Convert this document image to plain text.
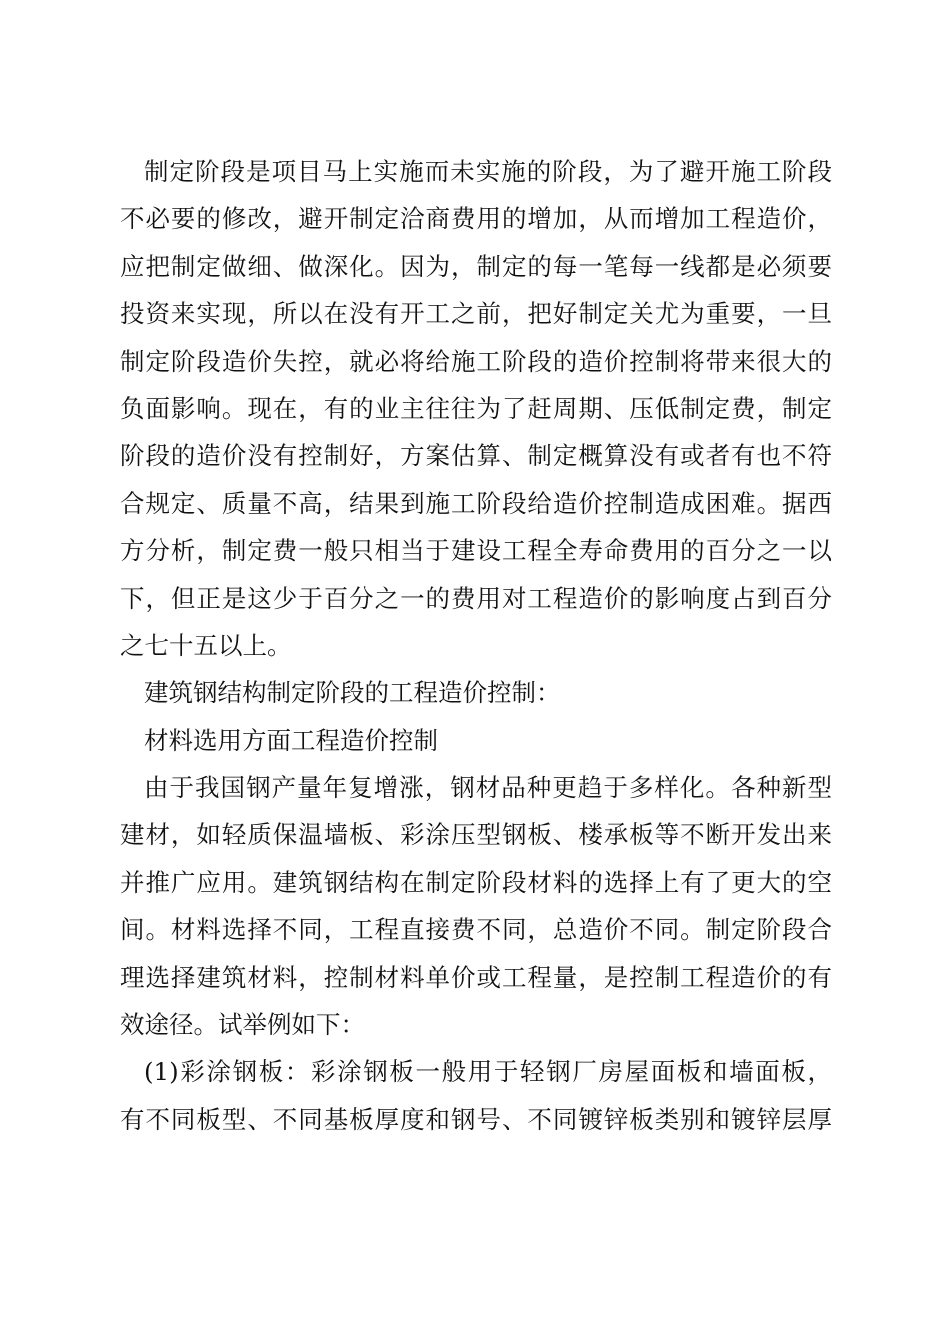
制定阶段是项目马上实施而未实施的阶段，为了避开施工阶段
不必要的修改，避开制定洽商费用的增加，从而增加工程造价，
应把制定做细、做深化。因为，制定的每一笔每一线都是必须要
投资来实现，所以在没有开工之前，把好制定关尤为重要，一旦
制定阶段造价失控，就必将给施工阶段的造价控制将带来很大的
负面影响。现在，有的业主往往为了赶周期、压低制定费，制定
阶段的造价没有控制好，方案估算、制定概算没有或者有也不符
合规定、质量不高，结果到施工阶段给造价控制造成困难。据西
方分析，制定费一般只相当于建设工程全寿命费用的百分之一以
下，但正是这少于百分之一的费用对工程造价的影响度占到百分
之七十五以上。
建筑钢结构制定阶段的工程造价控制：
材料选用方面工程造价控制
由于我国钢产量年复增涨，钢材品种更趋于多样化。各种新型
建材，如轻质保温墙板、彩涂压型钢板、楼承板等不断开发出来
并推广应用。建筑钢结构在制定阶段材料的选择上有了更大的空
间。材料选择不同，工程直接费不同，总造价不同。制定阶段合
理选择建筑材料，控制材料单价或工程量，是控制工程造价的有
效途径。试举例如下：
(1)彩涂钢板：彩涂钢板一般用于轻钢厂房屋面板和墙面板，
有不同板型、不同基板厚度和钢号、不同镀锌板类别和镀锌层厚
